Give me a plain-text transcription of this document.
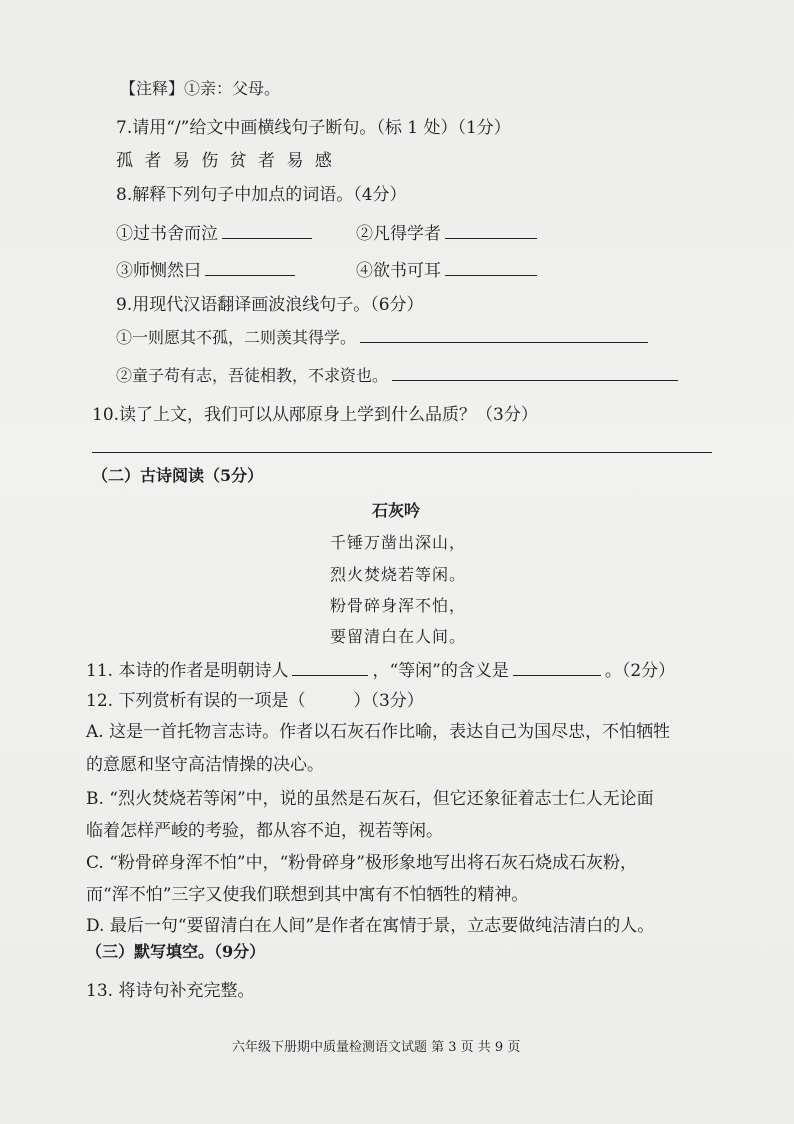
【注释】①亲：父母。
7.请用“/”给文中画横线句子断句。（标 1 处）（1分）
孤 者 易 伤 贫 者 易 感
8.解释下列句子中加点的词语。（4分）
①过书舍而泣	②凡得学者
③师恻然曰	④欲书可耳
9.用现代汉语翻译画波浪线句子。（6分）
①一则愿其不孤，二则羡其得学。
②童子苟有志，吾徒相教，不求资也。
10.读了上文，我们可以从邴原身上学到什么品质？（3分）
（二）古诗阅读（5分）
石灰吟
千锤万凿出深山，
烈火焚烧若等闲。
粉骨碎身浑不怕，
要留清白在人间。
11. 本诗的作者是明朝诗人	，“等闲”的含义是	。（2分）
12. 下列赏析有误的一项是（	）（3分）
A. 这是一首托物言志诗。作者以石灰石作比喻，表达自己为国尽忠，不怕牺牲
的意愿和坚守高洁情操的决心。
B. “烈火焚烧若等闲”中，说的虽然是石灰石，但它还象征着志士仁人无论面
临着怎样严峻的考验，都从容不迫，视若等闲。
C. “粉骨碎身浑不怕”中，“粉骨碎身”极形象地写出将石灰石烧成石灰粉，
而“浑不怕”三字又使我们联想到其中寓有不怕牺牲的精神。
D. 最后一句“要留清白在人间”是作者在寓情于景，立志要做纯洁清白的人。
（三）默写填空。（9分）
13. 将诗句补充完整。
六年级下册期中质量检测语文试题 第 3 页 共 9 页
